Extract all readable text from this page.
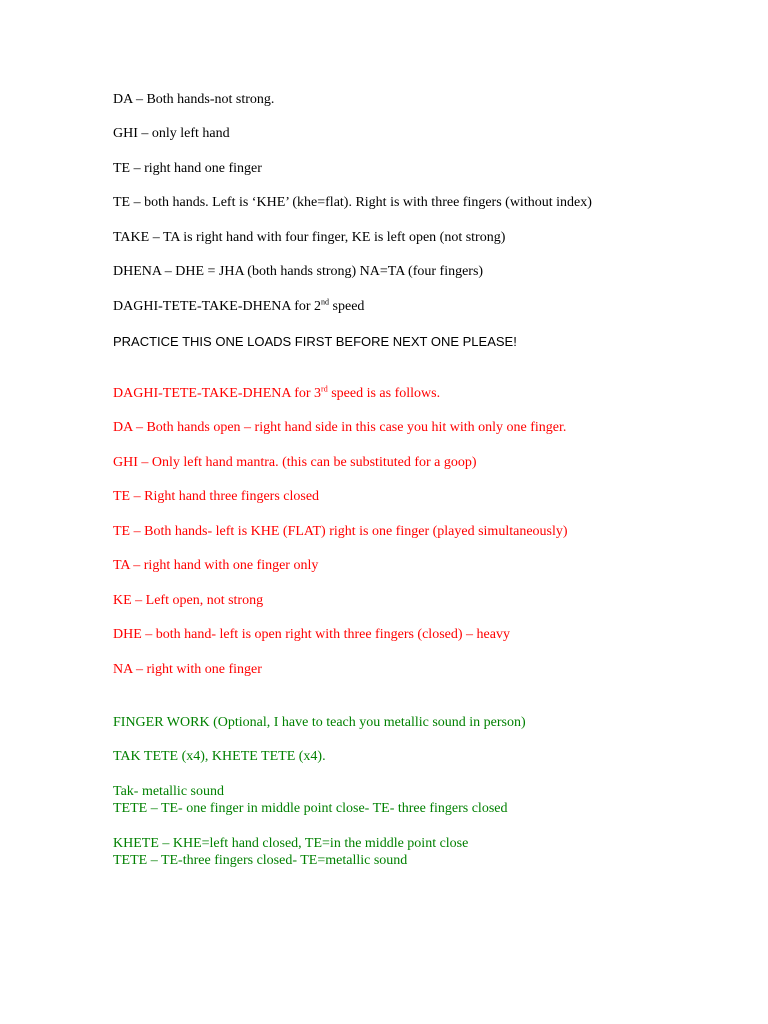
DA – Both hands-not strong.

GHI – only left hand

TE – right hand one finger

TE – both hands. Left is ‘KHE’ (khe=flat). Right is with three fingers (without index)

TAKE – TA is right hand with four finger, KE is left open (not strong)

DHENA – DHE = JHA (both hands strong) NA=TA (four fingers)

DAGHI-TETE-TAKE-DHENA for 2nd speed

PRACTICE THIS ONE LOADS FIRST BEFORE NEXT ONE PLEASE!

DAGHI-TETE-TAKE-DHENA for 3rd speed is as follows.

DA – Both hands open – right hand side in this case you hit with only one finger.

GHI – Only left hand mantra. (this can be substituted for a goop)

TE – Right hand three fingers closed

TE – Both hands- left is KHE (FLAT) right is one finger (played simultaneously)

TA – right hand with one finger only

KE – Left open, not strong

DHE – both hand- left is open right with three fingers (closed) – heavy

NA – right with one finger

FINGER WORK (Optional, I have to teach you metallic sound in person)

TAK TETE (x4), KHETE TETE (x4).

Tak- metallic sound

TETE – TE- one finger in middle point close- TE- three fingers closed

KHETE – KHE=left hand closed, TE=in the middle point close

TETE – TE-three fingers closed- TE=metallic sound
